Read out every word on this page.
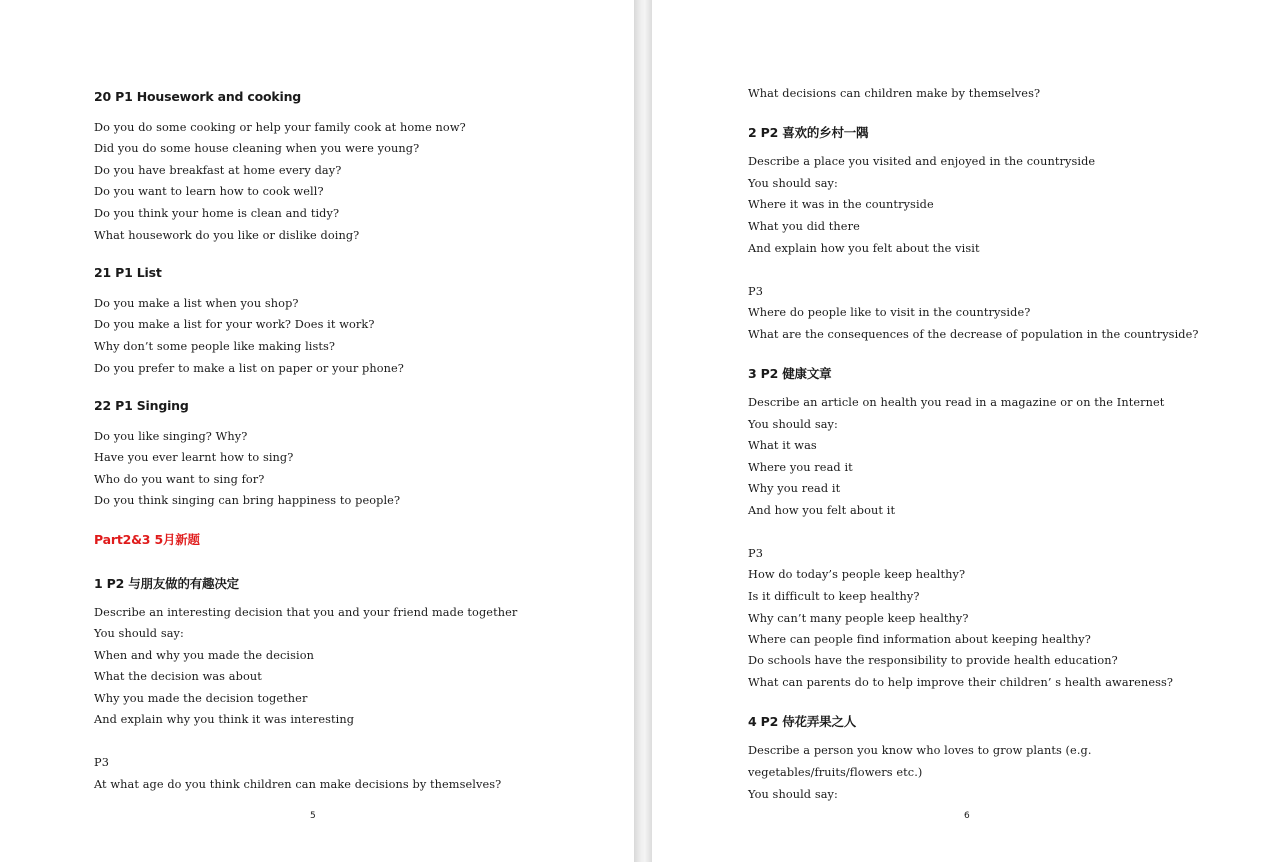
20 P1 Housework and cooking
Do you do some cooking or help your family cook at home now?
Did you do some house cleaning when you were young?
Do you have breakfast at home every day?
Do you want to learn how to cook well?
Do you think your home is clean and tidy?
What housework do you like or dislike doing?
21 P1 List
Do you make a list when you shop?
Do you make a list for your work? Does it work?
Why don’t some people like making lists?
Do you prefer to make a list on paper or your phone?
22 P1 Singing
Do you like singing? Why?
Have you ever learnt how to sing?
Who do you want to sing for?
Do you think singing can bring happiness to people?
Part2&3 5月新题
1 P2 与朋友做的有趣决定
Describe an interesting decision that you and your friend made together
You should say:
When and why you made the decision
What the decision was about
Why you made the decision together
And explain why you think it was interesting
P3
At what age do you think children can make decisions by themselves?
5
What decisions can children make by themselves?
2 P2 喜欢的乡村一隅
Describe a place you visited and enjoyed in the countryside
You should say:
Where it was in the countryside
What you did there
And explain how you felt about the visit
P3
Where do people like to visit in the countryside?
What are the consequences of the decrease of population in the countryside?
3 P2 健康文章
Describe an article on health you read in a magazine or on the Internet
You should say:
What it was
Where you read it
Why you read it
And how you felt about it
P3
How do today’s people keep healthy?
Is it difficult to keep healthy?
Why can’t many people keep healthy?
Where can people find information about keeping healthy?
Do schools have the responsibility to provide health education?
What can parents do to help improve their children’ s health awareness?
4 P2 侍花弄果之人
Describe a person you know who loves to grow plants (e.g.
vegetables/fruits/flowers etc.)
You should say:
6
